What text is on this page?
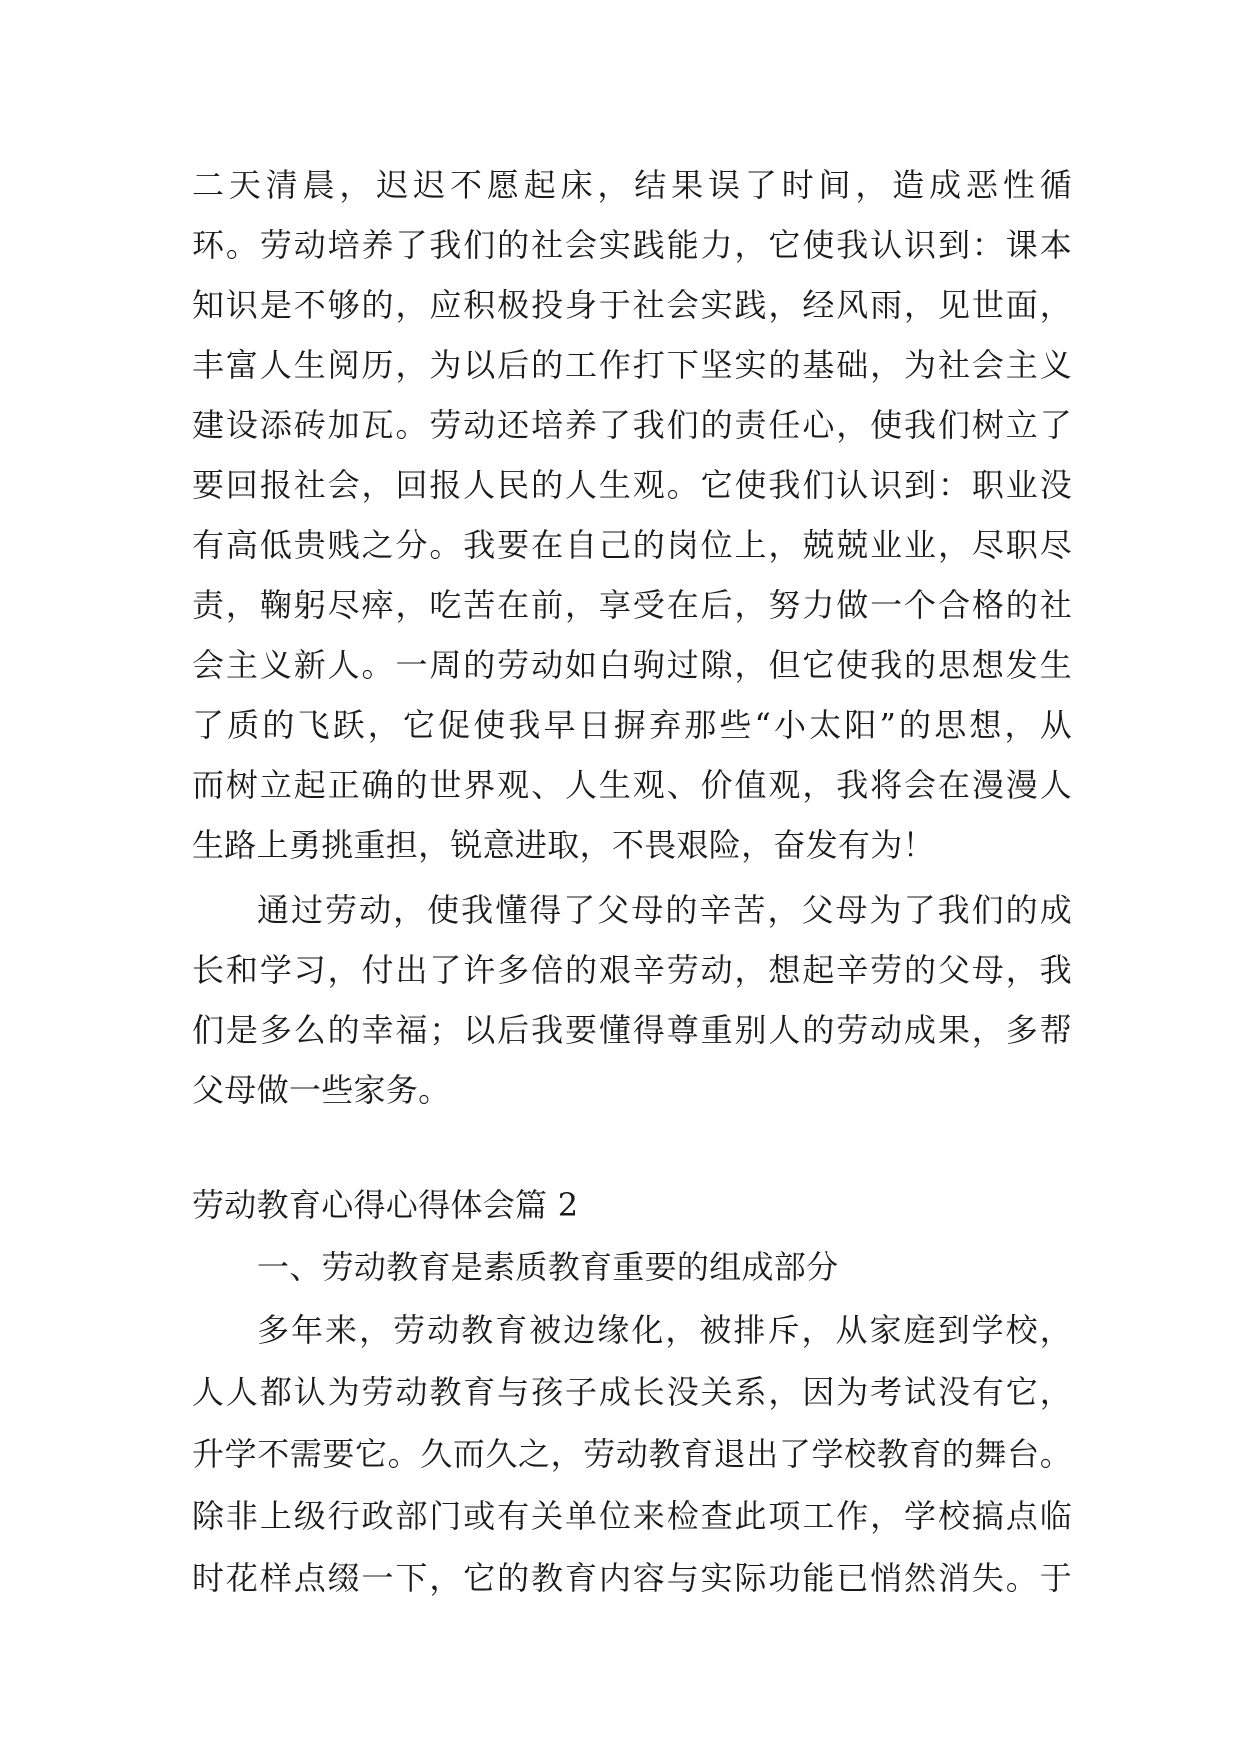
二天清晨，迟迟不愿起床，结果误了时间，造成恶性循
环。劳动培养了我们的社会实践能力，它使我认识到：课本
知识是不够的，应积极投身于社会实践，经风雨，见世面，
丰富人生阅历，为以后的工作打下坚实的基础，为社会主义
建设添砖加瓦。劳动还培养了我们的责任心，使我们树立了
要回报社会，回报人民的人生观。它使我们认识到：职业没
有高低贵贱之分。我要在自己的岗位上，兢兢业业，尽职尽
责，鞠躬尽瘁，吃苦在前，享受在后，努力做一个合格的社
会主义新人。一周的劳动如白驹过隙，但它使我的思想发生
了质的飞跃，它促使我早日摒弃那些“小太阳”的思想，从
而树立起正确的世界观、人生观、价值观，我将会在漫漫人
生路上勇挑重担，锐意进取，不畏艰险，奋发有为！
通过劳动，使我懂得了父母的辛苦，父母为了我们的成
长和学习，付出了许多倍的艰辛劳动，想起辛劳的父母，我
们是多么的幸福；以后我要懂得尊重别人的劳动成果，多帮
父母做一些家务。
劳动教育心得心得体会篇 2
一、劳动教育是素质教育重要的组成部分
多年来，劳动教育被边缘化，被排斥，从家庭到学校，
人人都认为劳动教育与孩子成长没关系，因为考试没有它，
升学不需要它。久而久之，劳动教育退出了学校教育的舞台。
除非上级行政部门或有关单位来检查此项工作，学校搞点临
时花样点缀一下，它的教育内容与实际功能已悄然消失。于
